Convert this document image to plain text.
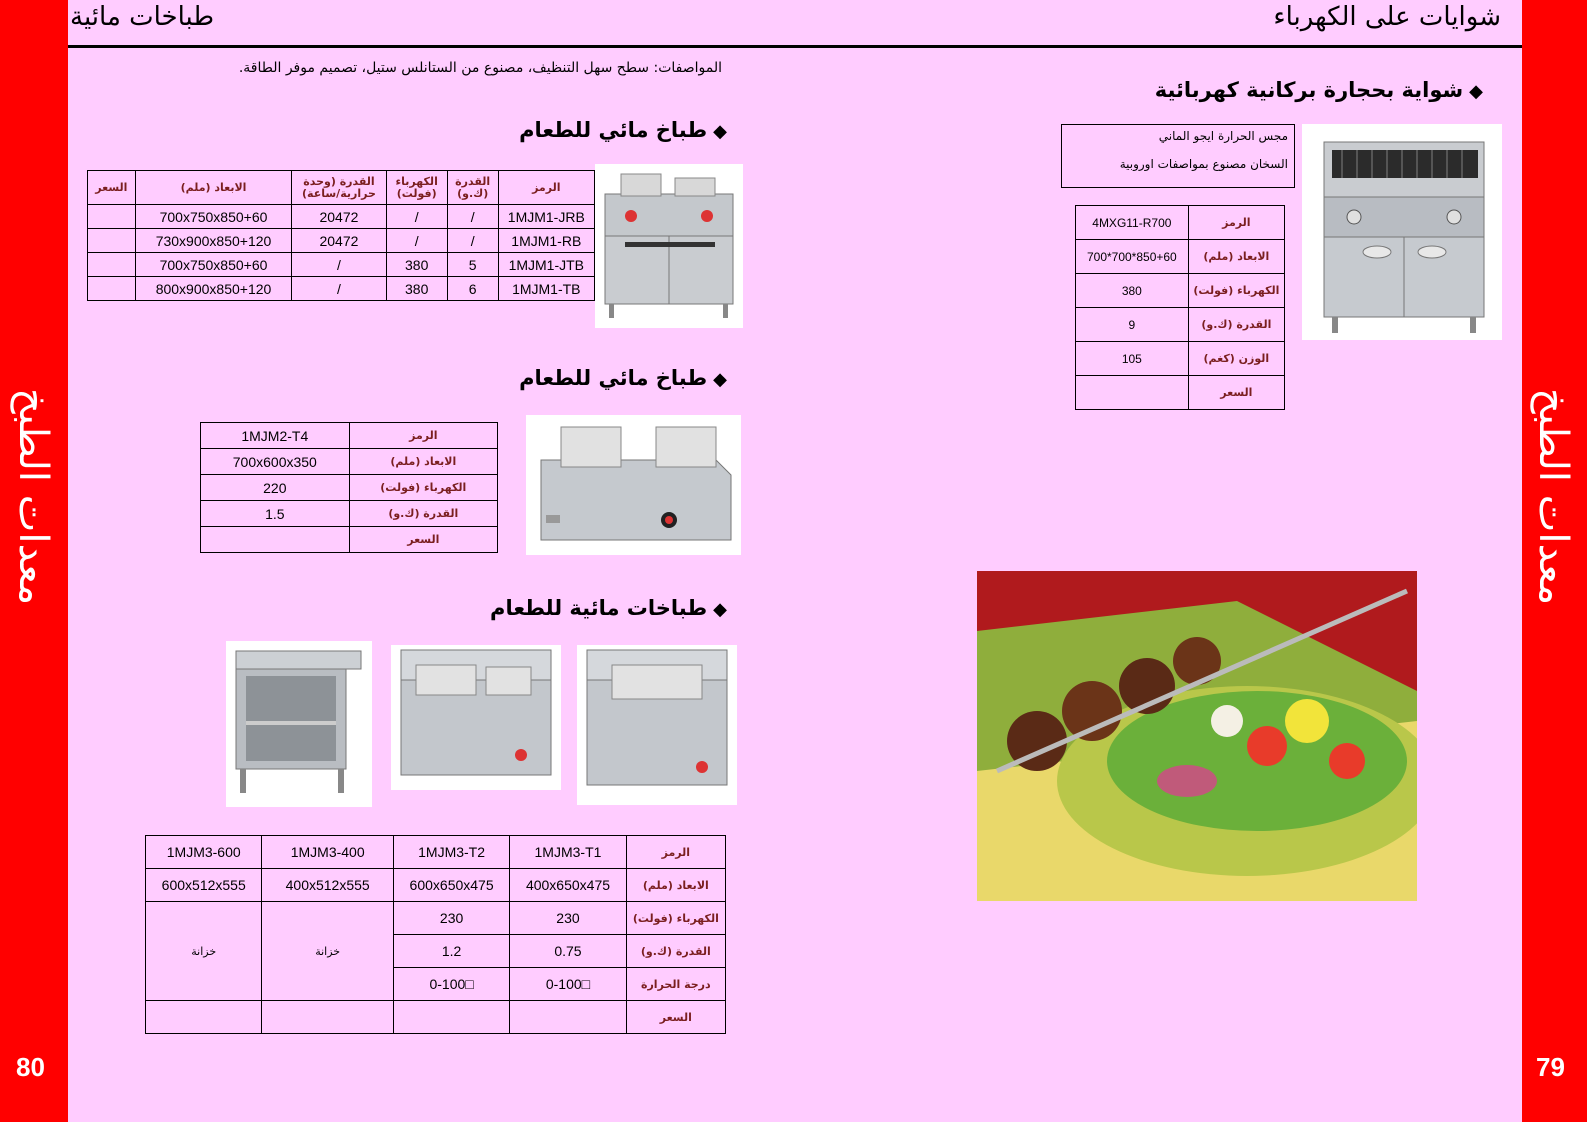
80	79
معدات الطبخ
معدات الطبخ
طباخات مائية	شوايات على الكهرباء
المواصفات: سطح سهل التنظيف، مصنوع من الستانلس ستيل، تصميم موفر الطاقة.
◆شواية بحجارة بركانية كهربائية
مجس الحرارة ايجو الماني
السخان مصنوع بمواصفات اوروبية
4MXG11-R700	الرمز
700*700*850+60	الابعاد (ملم)
380	الكهرباء (فولت)
9	القدرة (ك.و)
105	الوزن (كغم)
	السعر
◆طباخ مائي للطعام
الرمز	القدرة (ك.و)	الكهرباء (فولت)	القدرة (وحدة حرارية/ساعة)	الابعاد (ملم)	السعر
1MJM1-JRB	/	/	20472	700x750x850+60	
1MJM1-RB	/	/	20472	730x900x850+120	
1MJM1-JTB	5	380	/	700x750x850+60	
1MJM1-TB	6	380	/	800x900x850+120	
◆طباخ مائي للطعام
الرمز	1MJM2-T4
الابعاد (ملم)	700x600x350
الكهرباء (فولت)	220
القدرة (ك.و)	1.5
السعر	
◆طباخات مائية للطعام
الرمز	1MJM3-T1	1MJM3-T2	1MJM3-400	1MJM3-600
الابعاد (ملم)	400x650x475	600x650x475	400x512x555	600x512x555
الكهرباء (فولت)	230	230	خزانة	خزانة
القدرة (ك.و)	0.75	1.2		
درجة الحرارة	0-100□	0-100□		
السعر				
